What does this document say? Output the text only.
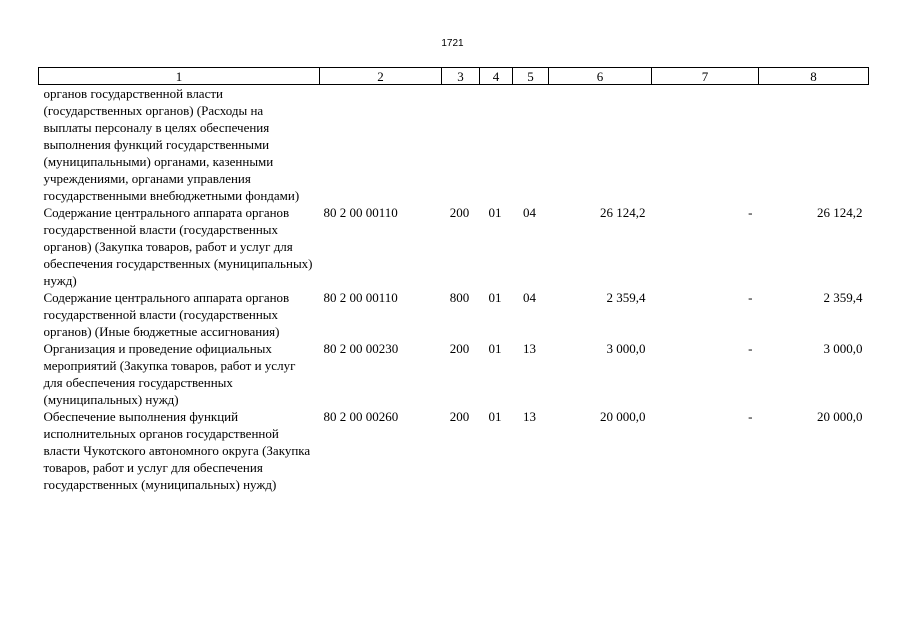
1721
1	2	3	4	5	6	7	8
органов государственной власти (государственных органов) (Расходы на выплаты персоналу в целях обеспечения выполнения функций государственными (муниципальными) органами, казенными учреждениями, органами управления государственными внебюджетными фондами)							
Содержание центрального аппарата органов государственной власти (государственных органов) (Закупка товаров, работ и услуг для обеспечения государственных (муниципальных) нужд)	80 2 00 00110	200	01	04	26 124,2	-	26 124,2
Содержание центрального аппарата органов государственной власти (государственных органов) (Иные бюджетные ассигнования)	80 2 00 00110	800	01	04	2 359,4	-	2 359,4
Организация и проведение официальных мероприятий (Закупка товаров, работ и услуг для обеспечения государственных (муниципальных) нужд)	80 2 00 00230	200	01	13	3 000,0	-	3 000,0
Обеспечение выполнения функций исполнительных органов государственной власти Чукотского автономного округа (Закупка товаров, работ и услуг для обеспечения государственных (муниципальных) нужд)	80 2 00 00260	200	01	13	20 000,0	-	20 000,0
